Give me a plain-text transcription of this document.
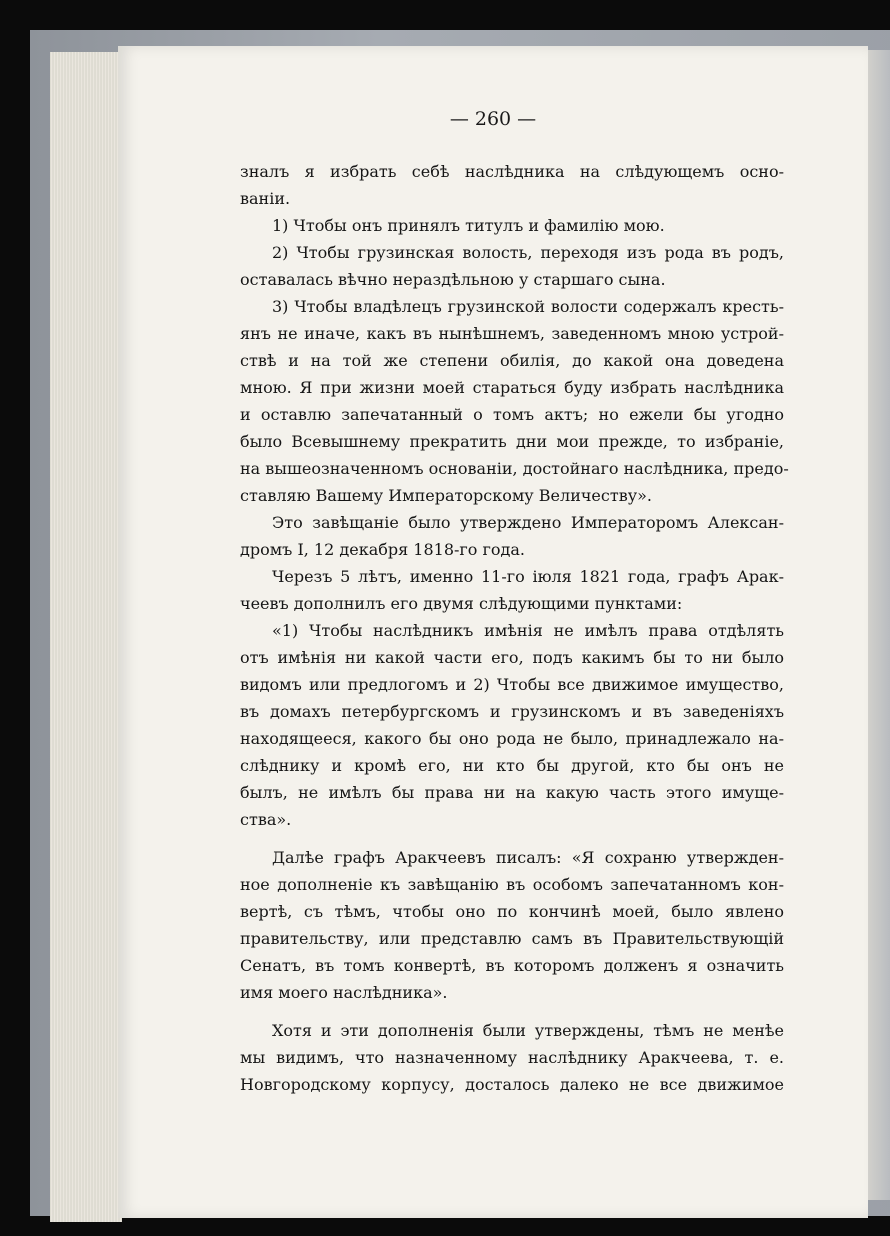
— 260 —
зналъ я избрать себѣ наслѣдника на слѣдующемъ осно-
ванiи.
1) Чтобы онъ принялъ титулъ и фамилiю мою.
2) Чтобы грузинская волость, переходя изъ рода въ родъ,
оставалась вѣчно нераздѣльною у старшаго сына.
3) Чтобы владѣлецъ грузинской волости содержалъ кресть-
янъ не иначе, какъ въ нынѣшнемъ, заведенномъ мною устрой-
ствѣ и на той же степени обилiя, до какой она доведена
мною. Я при жизни моей стараться буду избрать наслѣдника
и оставлю запечатанный о томъ актъ; но ежели бы угодно
было Всевышнему прекратить дни мои прежде, то избранiе,
на вышеозначенномъ основанiи, достойнаго наслѣдника, предо-
ставляю Вашему Императорскому Величеству».
Это завѣщанiе было утверждено Императоромъ Алексан-
дромъ I, 12 декабря 1818-го года.
Черезъ 5 лѣтъ, именно 11-го iюля 1821 года, графъ Арак-
чеевъ дополнилъ его двумя слѣдующими пунктами:
«1) Чтобы наслѣдникъ имѣнiя не имѣлъ права отдѣлять
отъ имѣнiя ни какой части его, подъ какимъ бы то ни было
видомъ или предлогомъ и 2) Чтобы все движимое имущество,
въ домахъ петербургскомъ и грузинскомъ и въ заведенiяхъ
находящееся, какого бы оно рода не было, принадлежало на-
слѣднику и кромѣ его, ни кто бы другой, кто бы онъ не
былъ, не имѣлъ бы права ни на какую часть этого имуще-
ства».
Далѣе графъ Аракчеевъ писалъ: «Я сохраню утвержден-
ное дополненiе къ завѣщанiю въ особомъ запечатанномъ кон-
вертѣ, съ тѣмъ, чтобы оно по кончинѣ моей, было явлено
правительству, или представлю самъ въ Правительствующiй
Сенатъ, въ томъ конвертѣ, въ которомъ долженъ я означить
имя моего наслѣдника».
Хотя и эти дополненiя были утверждены, тѣмъ не менѣе
мы видимъ, что назначенному наслѣднику Аракчеева, т. е.
Новгородскому корпусу, досталось далеко не все движимое
